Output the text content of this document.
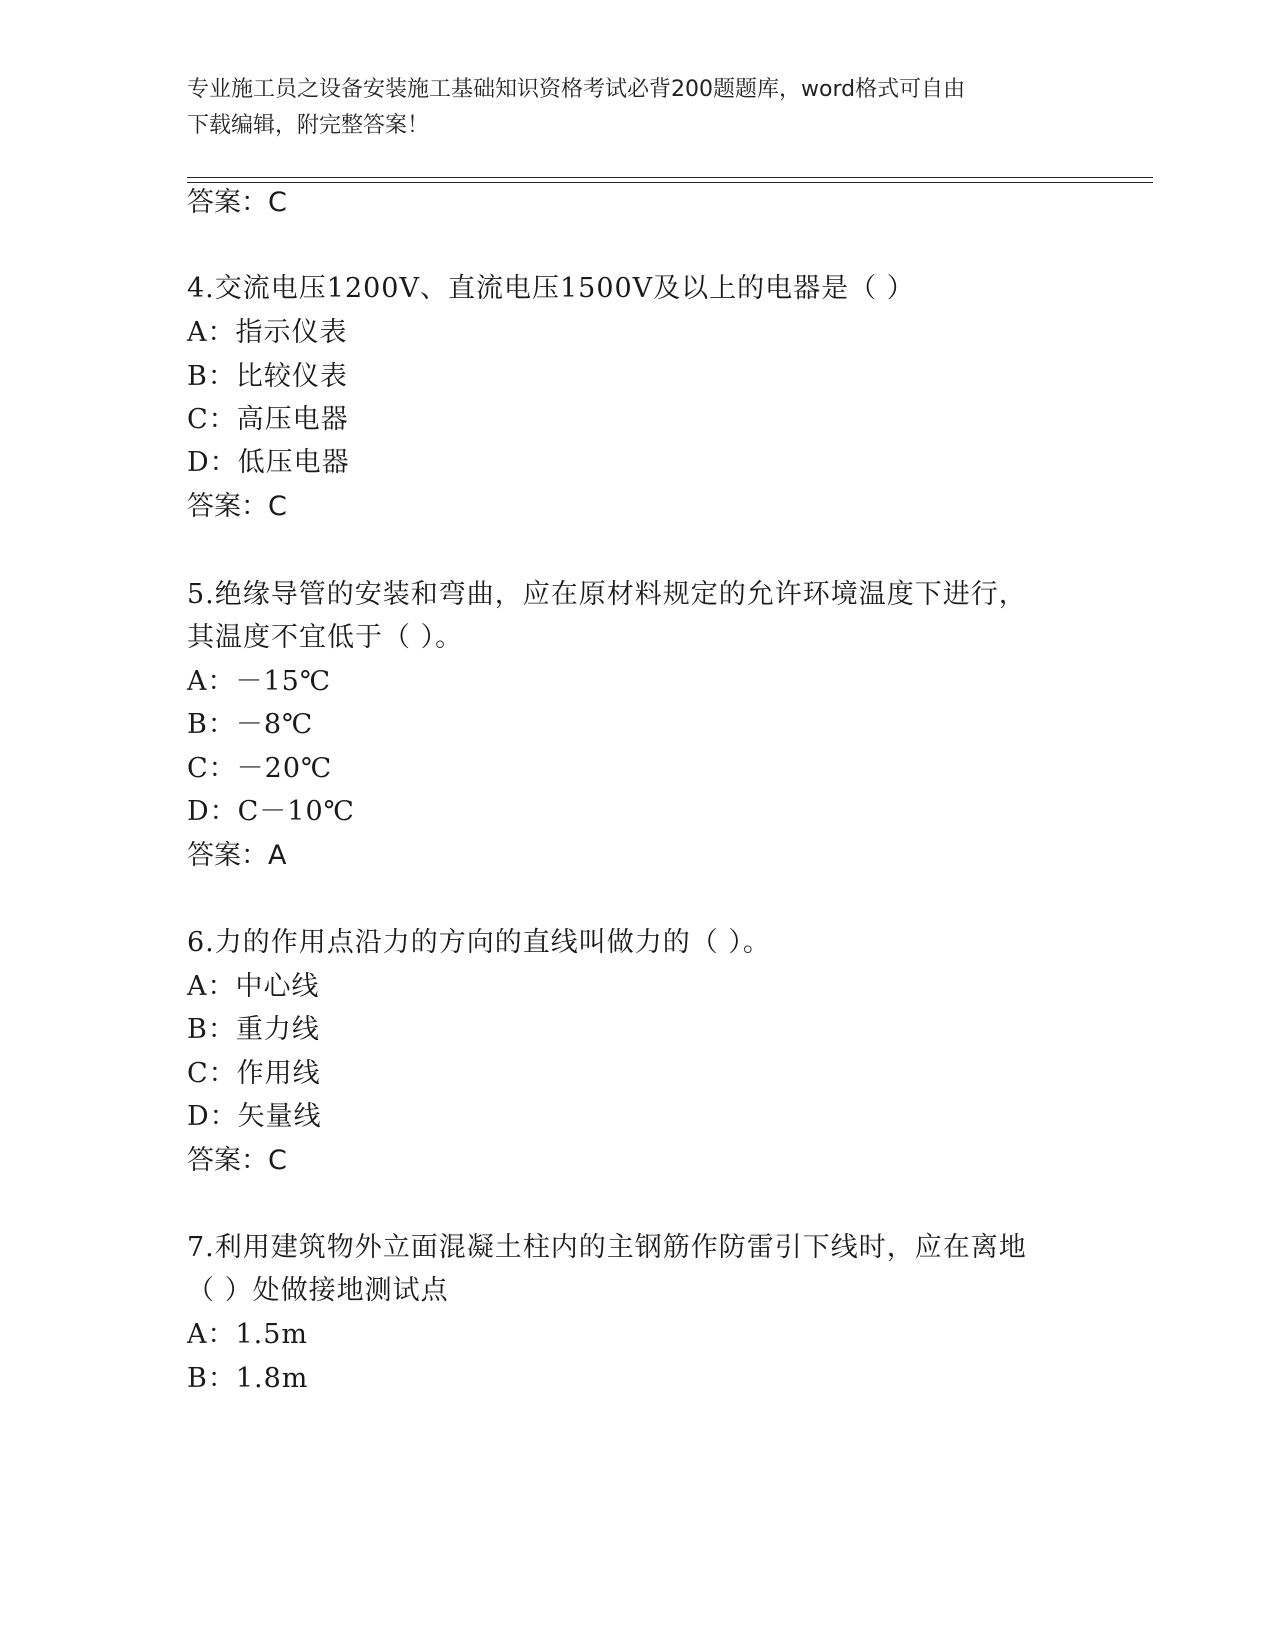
专业施工员之设备安装施工基础知识资格考试必背200题题库，word格式可自由
下载编辑，附完整答案！
答案：C
4.交流电压1200V、直流电压1500V及以上的电器是（ ）
A：指示仪表
B：比较仪表
C：高压电器
D：低压电器
答案：C
5.绝缘导管的安装和弯曲，应在原材料规定的允许环境温度下进行，
其温度不宜低于（ ）。
A：－15℃
B：－8℃
C：－20℃
D：C－10℃
答案：A
6.力的作用点沿力的方向的直线叫做力的（ ）。
A：中心线
B：重力线
C：作用线
D：矢量线
答案：C
7.利用建筑物外立面混凝土柱内的主钢筋作防雷引下线时，应在离地
（ ）处做接地测试点
A：1.5m
B：1.8m
